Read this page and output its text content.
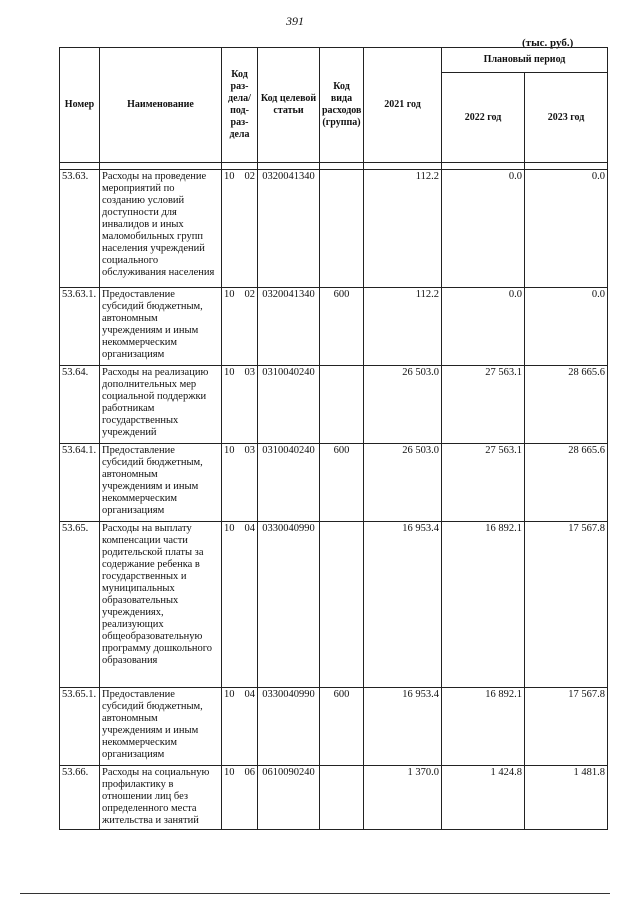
391
(тыс. руб.)
Номер	Наименование	Код раз- дела/ под- раз- дела	Код целевой статьи	Код вида расходов (группа)	2021 год	Плановый период	
						2022 год	2023 год

53.63.	Расходы на проведение мероприятий по созданию условий доступности для инвалидов и иных маломобильных групп населения учреждений социального обслуживания населения	10 02	0320041340		112.2	0.0	0.0
53.63.1.	Предоставление субсидий бюджетным, автономным учреждениям и иным некоммерческим организациям	10 02	0320041340	600	112.2	0.0	0.0
53.64.	Расходы на реализацию дополнительных мер социальной поддержки работникам государственных учреждений	10 03	0310040240		26 503.0	27 563.1	28 665.6
53.64.1.	Предоставление субсидий бюджетным, автономным учреждениям и иным некоммерческим организациям	10 03	0310040240	600	26 503.0	27 563.1	28 665.6
53.65.	Расходы на выплату компенсации части родительской платы за содержание ребенка в государственных и муниципальных образовательных учреждениях, реализующих общеобразовательную программу дошкольного образования	10 04	0330040990		16 953.4	16 892.1	17 567.8
53.65.1.	Предоставление субсидий бюджетным, автономным учреждениям и иным некоммерческим организациям	10 04	0330040990	600	16 953.4	16 892.1	17 567.8
53.66.	Расходы на социальную профилактику в отношении лиц без определенного места жительства и занятий	10 06	0610090240		1 370.0	1 424.8	1 481.8
